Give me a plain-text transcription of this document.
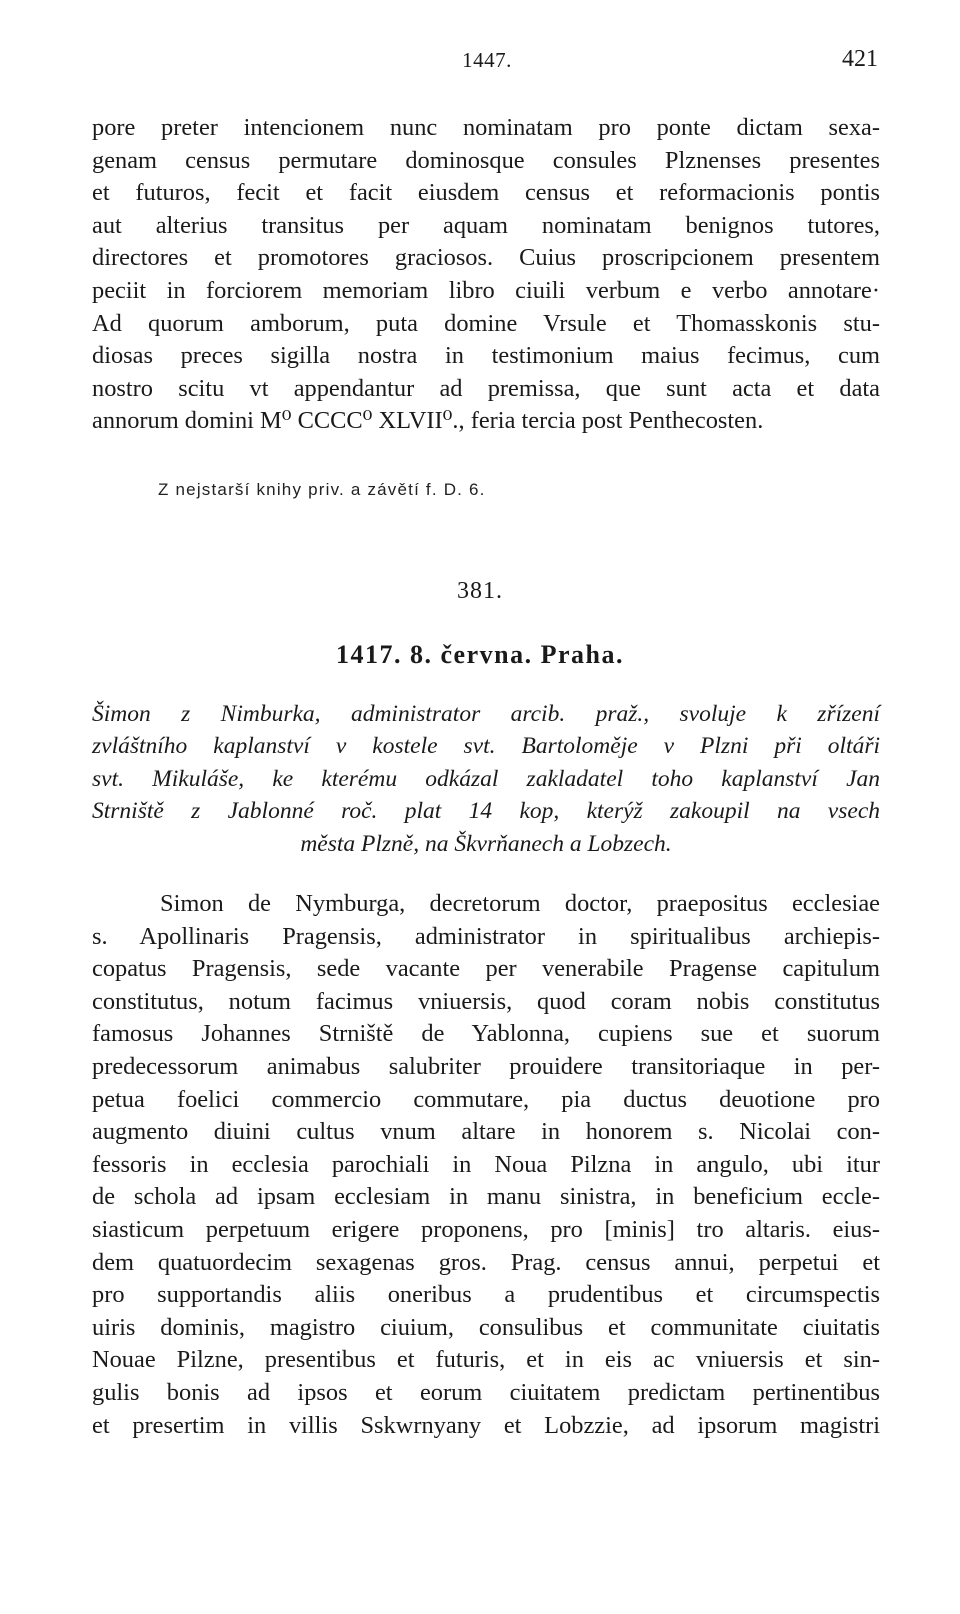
1447.	421
pore preter intencionem nunc nominatam pro ponte dictam sexa-
genam census permutare dominosque consules Plznenses presentes
et futuros, fecit et facit eiusdem census et reformacionis pontis
aut alterius transitus per aquam nominatam benignos tutores,
directores et promotores graciosos. Cuius proscripcionem presentem
peciit in forciorem memoriam libro ciuili verbum e verbo annotare·
Ad quorum amborum, puta domine Vrsule et Thomasskonis stu-
diosas preces sigilla nostra in testimonium maius fecimus, cum
nostro scitu vt appendantur ad premissa, que sunt acta et data
annorum domini M⁰ CCCC⁰ XLVII⁰., feria tercia post Penthecosten.
Z nejstarší knihy priv. a závětí f. D. 6.
381.
1417. 8. června. Praha.
Šimon z Nimburka, administrator arcib. praž., svoluje k zřízení
zvláštního kaplanství v kostele svt. Bartoloměje v Plzni při oltáři
svt. Mikuláše, ke kterému odkázal zakladatel toho kaplanství Jan
Strniště z Jablonné roč. plat 14 kop, kterýž zakoupil na vsech
města Plzně, na Škvrňanech a Lobzech.
Simon de Nymburga, decretorum doctor, praepositus ecclesiae
s. Apollinaris Pragensis, administrator in spiritualibus archiepis-
copatus Pragensis, sede vacante per venerabile Pragense capitulum
constitutus, notum facimus vniuersis, quod coram nobis constitutus
famosus Johannes Strniště de Yablonna, cupiens sue et suorum
predecessorum animabus salubriter prouidere transitoriaque in per-
petua foelici commercio commutare, pia ductus deuotione pro
augmento diuini cultus vnum altare in honorem s. Nicolai con-
fessoris in ecclesia parochiali in Noua Pilzna in angulo, ubi itur
de schola ad ipsam ecclesiam in manu sinistra, in beneficium eccle-
siasticum perpetuum erigere proponens, pro [minis] tro altaris. eius-
dem quatuordecim sexagenas gros. Prag. census annui, perpetui et
pro supportandis aliis oneribus a prudentibus et circumspectis
uiris dominis, magistro ciuium, consulibus et communitate ciuitatis
Nouae Pilzne, presentibus et futuris, et in eis ac vniuersis et sin-
gulis bonis ad ipsos et eorum ciuitatem predictam pertinentibus
et presertim in villis Sskwrnyany et Lobzzie, ad ipsorum magistri
